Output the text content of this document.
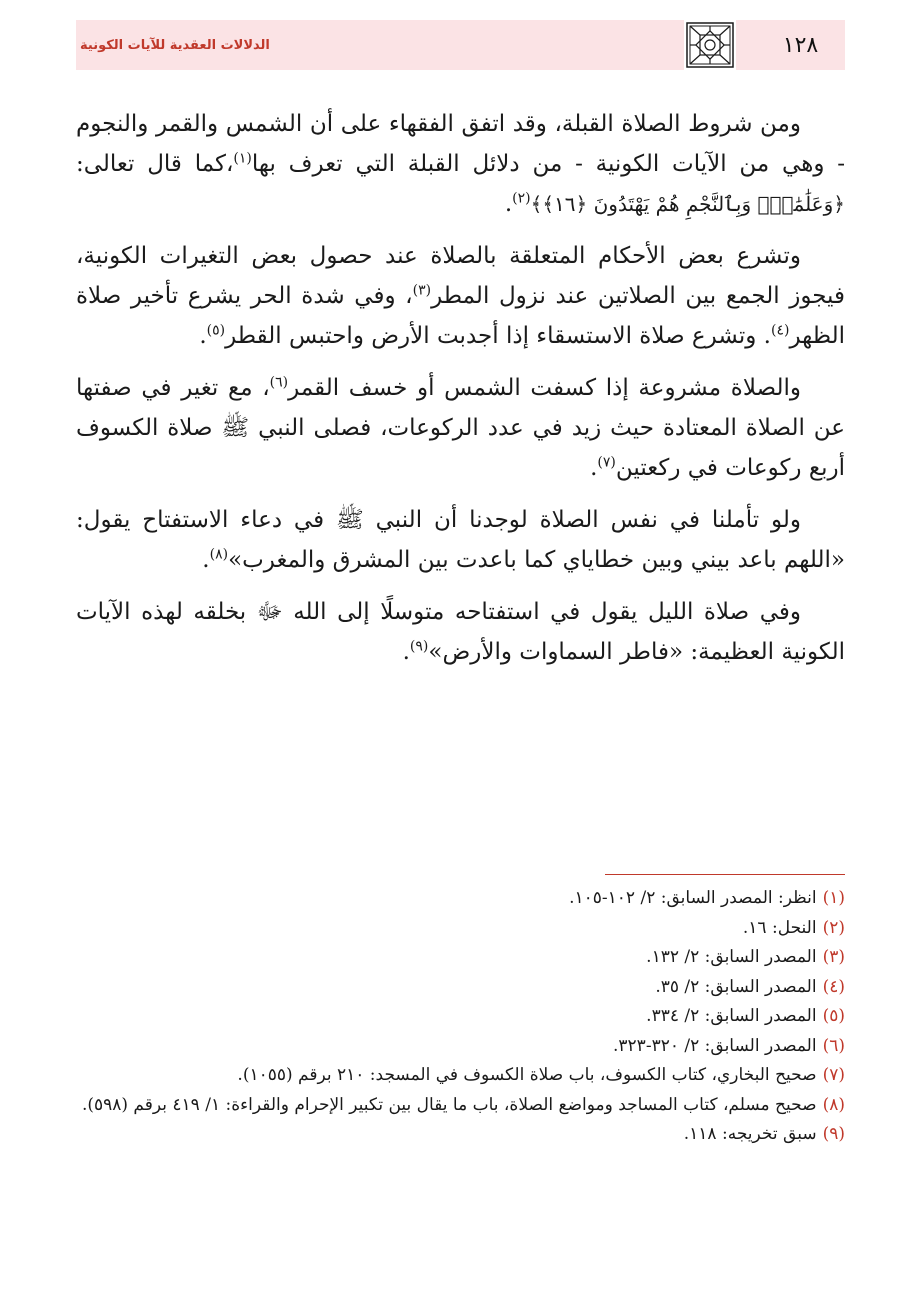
الدلالات العقدية للآيات الكونية	١٢٨

ومن شروط الصلاة القبلة، وقد اتفق الفقهاء على أن الشمس والقمر والنجوم - وهي من الآيات الكونية - من دلائل القبلة التي تعرف بها$^{(١)}$،كما قال تعالى: ﴿وَعَلَٰمَٰتٍۚ وَبِٱلنَّجْمِ هُمْ يَهْتَدُونَ ﴿١٦﴾﴾$^{(٢)}$.

وتشرع بعض الأحكام المتعلقة بالصلاة عند حصول بعض التغيرات الكونية، فيجوز الجمع بين الصلاتين عند نزول المطر$^{(٣)}$، وفي شدة الحر يشرع تأخير صلاة الظهر$^{(٤)}$. وتشرع صلاة الاستسقاء إذا أجدبت الأرض واحتبس القطر$^{(٥)}$.

والصلاة مشروعة إذا كسفت الشمس أو خسف القمر$^{(٦)}$، مع تغير في صفتها عن الصلاة المعتادة حيث زيد في عدد الركوعات، فصلى النبي ﷺ صلاة الكسوف أربع ركوعات في ركعتين$^{(٧)}$.

ولو تأملنا في نفس الصلاة لوجدنا أن النبي ﷺ في دعاء الاستفتاح يقول: «اللهم باعد بيني وبين خطاياي كما باعدت بين المشرق والمغرب»$^{(٨)}$.

وفي صلاة الليل يقول في استفتاحه متوسلًا إلى الله ﷻ بخلقه لهذه الآيات الكونية العظيمة: «فاطر السماوات والأرض»$^{(٩)}$.

(١)
انظر: المصدر السابق: ٢/ ١٠٢-١٠٥.
(٢)
النحل: ١٦.
(٣)
المصدر السابق: ٢/ ١٣٢.
(٤)
المصدر السابق: ٢/ ٣٥.
(٥)
المصدر السابق: ٢/ ٣٣٤.
(٦)
المصدر السابق: ٢/ ٣٢٠-٣٢٣.
(٧)
صحيح البخاري، كتاب الكسوف، باب صلاة الكسوف في المسجد: ٢١٠ برقم (١٠٥٥).
(٨)
صحيح مسلم، كتاب المساجد ومواضع الصلاة، باب ما يقال بين تكبير الإحرام والقراءة: ١/ ٤١٩ برقم (٥٩٨).
(٩)
سبق تخريجه: ١١٨.
